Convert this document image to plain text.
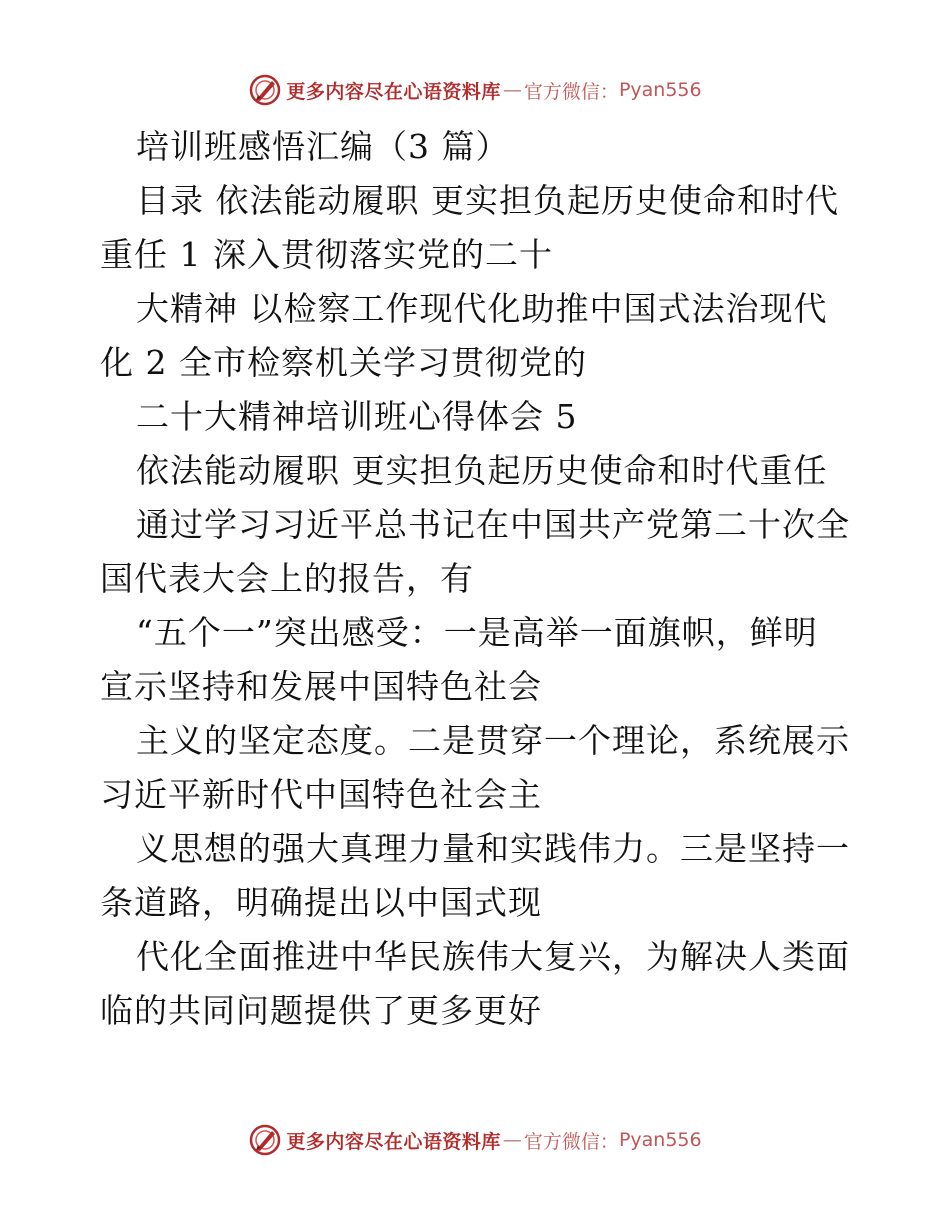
更多内容尽在心语资料库 — 官方微信： Pyan556
培训班感悟汇编（3 篇）
目录 依法能动履职 更实担负起历史使命和时代
重任 1 深入贯彻落实党的二十
大精神 以检察工作现代化助推中国式法治现代
化 2 全市检察机关学习贯彻党的
二十大精神培训班心得体会 5
依法能动履职 更实担负起历史使命和时代重任
通过学习习近平总书记在中国共产党第二十次全
国代表大会上的报告，有
“五个一”突出感受：一是高举一面旗帜，鲜明
宣示坚持和发展中国特色社会
主义的坚定态度。二是贯穿一个理论，系统展示
习近平新时代中国特色社会主
义思想的强大真理力量和实践伟力。三是坚持一
条道路，明确提出以中国式现
代化全面推进中华民族伟大复兴，为解决人类面
临的共同问题提供了更多更好
更多内容尽在心语资料库 — 官方微信： Pyan556
